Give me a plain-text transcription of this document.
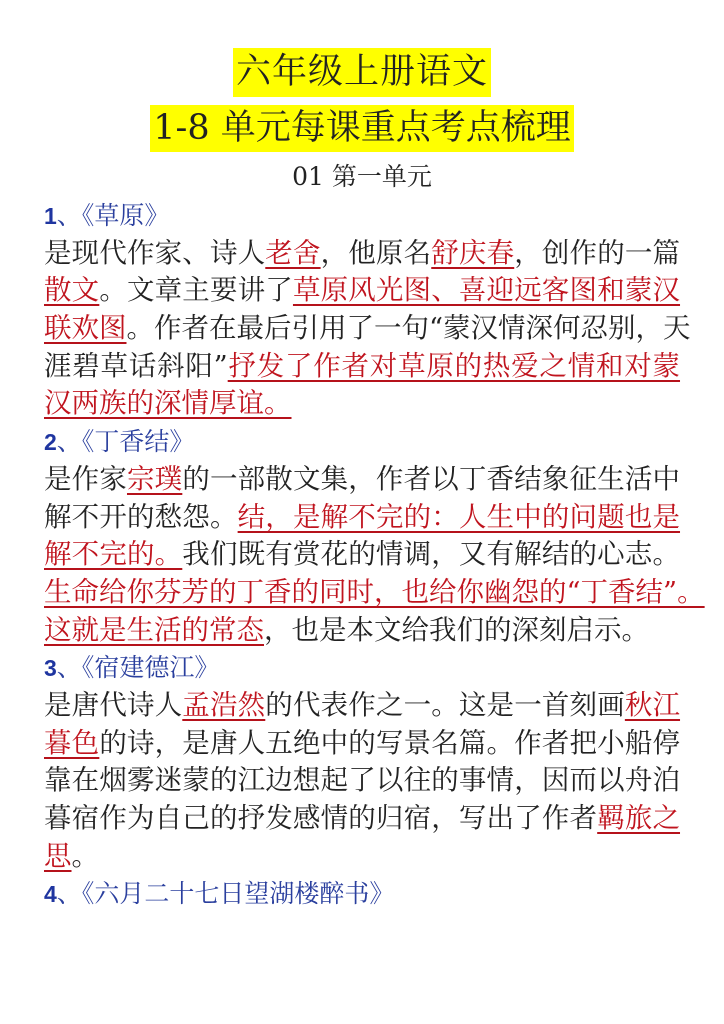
六年级上册语文
1-8 单元每课重点考点梳理
01 第一单元
1、《草原》
是现代作家、诗人老舍，他原名舒庆春，创作的一篇
散文。文章主要讲了草原风光图、喜迎远客图和蒙汉
联欢图。作者在最后引用了一句“蒙汉情深何忍别，天
涯碧草话斜阳”抒发了作者对草原的热爱之情和对蒙
汉两族的深情厚谊。
2、《丁香结》
是作家宗璞的一部散文集，作者以丁香结象征生活中
解不开的愁怨。结，是解不完的：人生中的问题也是
解不完的。我们既有赏花的情调，又有解结的心志。
生命给你芬芳的丁香的同时，也给你幽怨的“丁香结”。
这就是生活的常态，也是本文给我们的深刻启示。
3、《宿建德江》
是唐代诗人孟浩然的代表作之一。这是一首刻画秋江
暮色的诗，是唐人五绝中的写景名篇。作者把小船停
靠在烟雾迷蒙的江边想起了以往的事情，因而以舟泊
暮宿作为自己的抒发感情的归宿，写出了作者羁旅之
思。
4、《六月二十七日望湖楼醉书》
